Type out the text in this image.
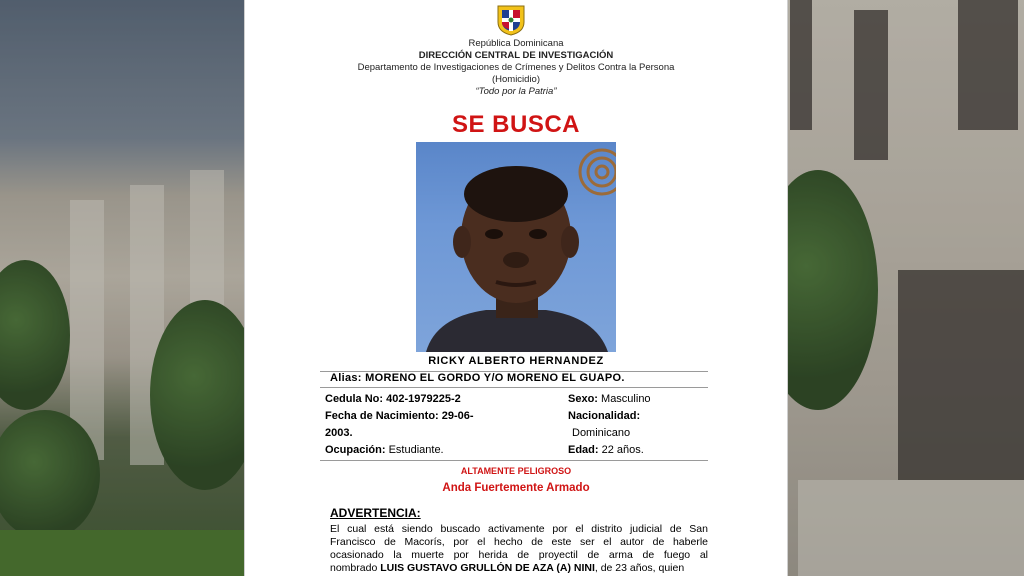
República Dominicana
DIRECCIÓN CENTRAL DE INVESTIGACIÓN
Departamento de Investigaciones de Crímenes y Delitos Contra la Persona
(Homicidio)
“Todo por la Patria”
SE BUSCA
RICKY ALBERTO HERNANDEZ
Alias: MORENO EL GORDO Y/O MORENO EL GUAPO.
Cedula No: 402-1979225-2
Fecha de Nacimiento: 29-06-
2003.
Ocupación: Estudiante.
Sexo: Masculino
Nacionalidad:
Dominicano
Edad: 22 años.
ALTAMENTE PELIGROSO
Anda Fuertemente Armado
ADVERTENCIA:
El cual está siendo buscado activamente por el distrito judicial de San
Francisco de Macorís, por el hecho de este ser el autor de haberle
ocasionado la muerte por herida de proyectil de arma de fuego al
nombrado LUIS GUSTAVO GRULLÓN DE AZA (A) NINI, de 23 años, quien
